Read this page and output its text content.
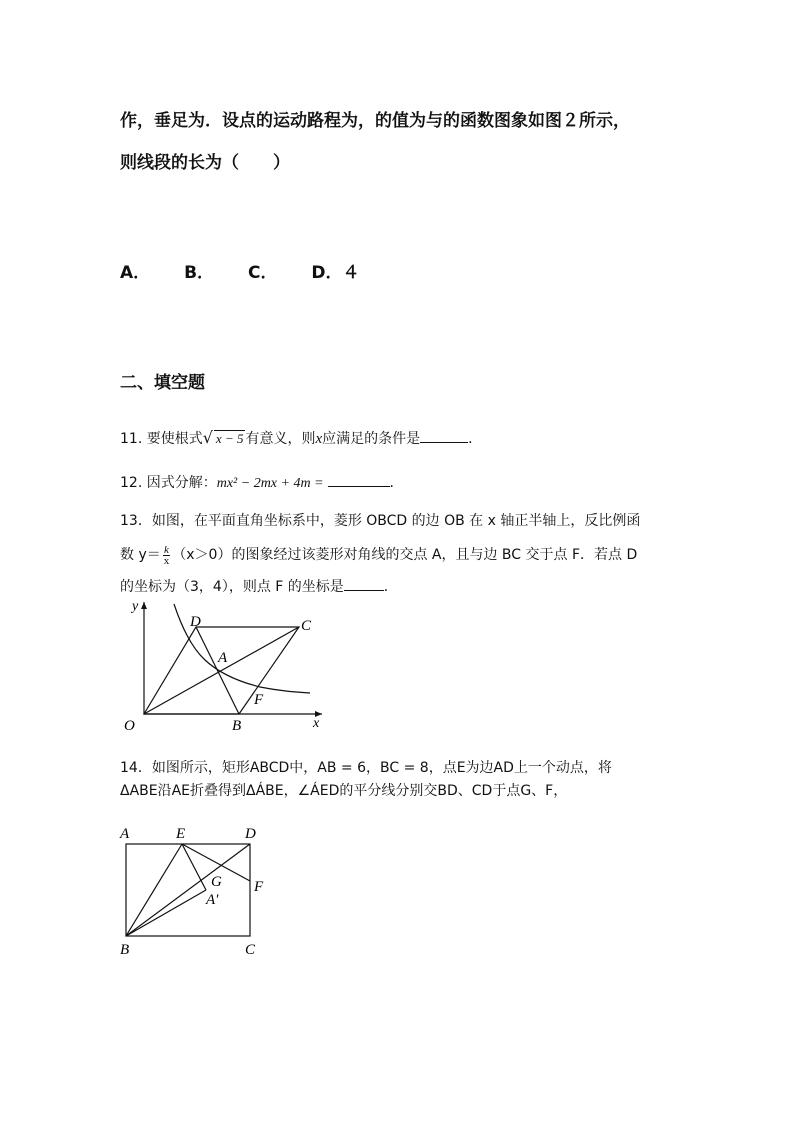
作，垂足为．设点的运动路程为，的值为与的函数图象如图２所示，
则线段的长为（　　）
A． B． C． D．４
二、填空题
11. 要使根式√ x − 5 有意义，则x应满足的条件是	．
12. 因式分解：mx² − 2mx + 4m =	．
13．如图，在平面直角坐标系中，菱形 OBCD 的边 OB 在 x 轴正半轴上，反比例函
数 $y= \frac{k}{x} (x>0)$的图象经过该菱形对角线的交点 A，且与边 BC 交于点 F．若点 D
的坐标为（3，4），则点 F 的坐标是	．
y
x
O	B
C
D
A
F
14．如图所示，矩形ABCD中，AB = 6，BC = 8，点E为边AD上一个动点，将
ΔABE沿AE折叠得到ΔÁBE，∠ÁED的平分线分别交BD、CD于点G、F，
A	E	D
G F
A′
B	C
